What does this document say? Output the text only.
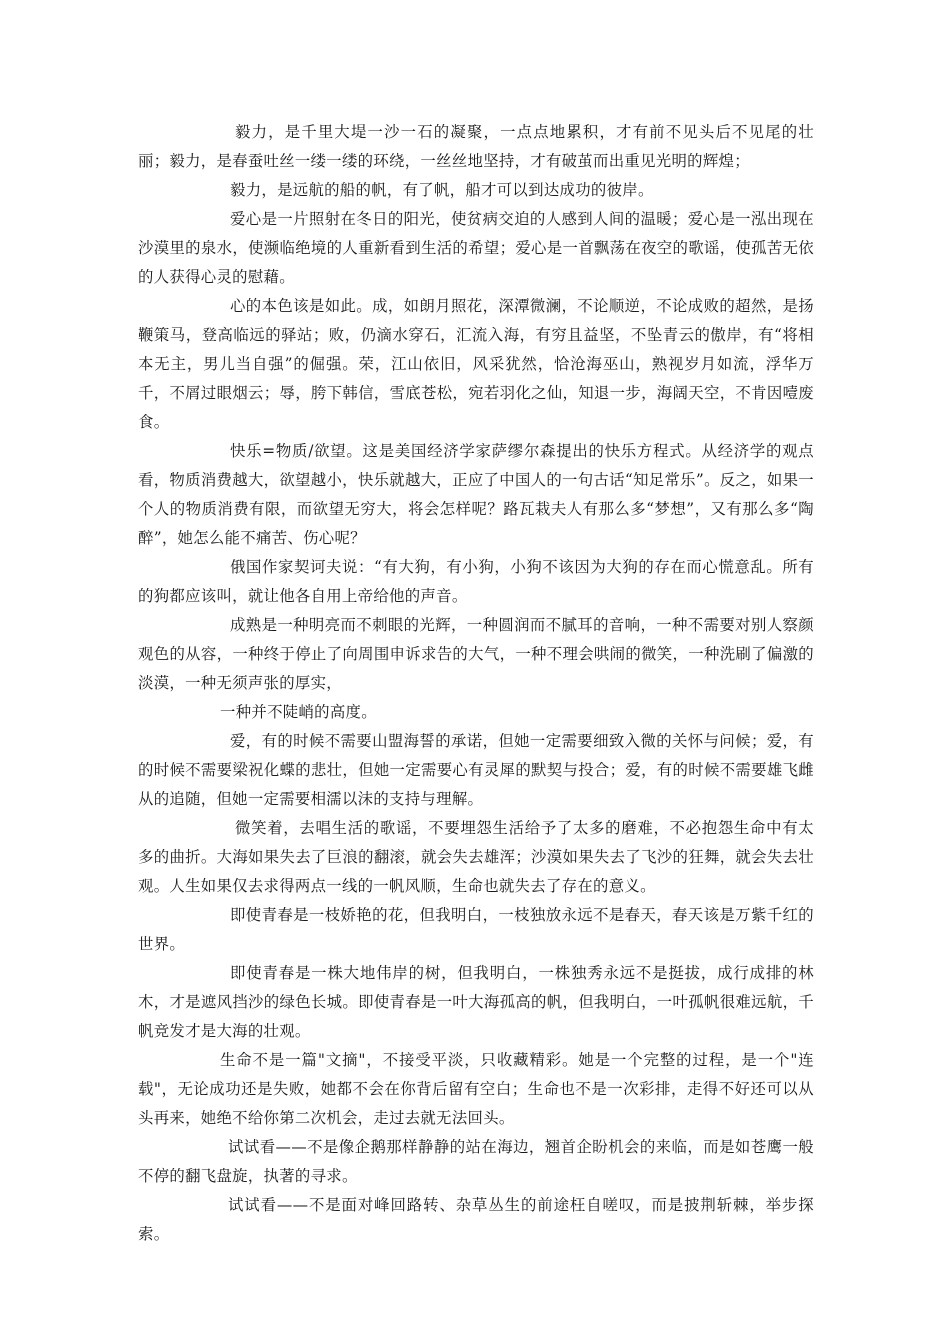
毅力，是千里大堤一沙一石的凝聚，一点点地累积，才有前不见头后不见尾的壮丽；毅力，是春蚕吐丝一缕一缕的环绕，一丝丝地坚持，才有破茧而出重见光明的辉煌；

毅力，是远航的船的帆，有了帆，船才可以到达成功的彼岸。

爱心是一片照射在冬日的阳光，使贫病交迫的人感到人间的温暖；爱心是一泓出现在沙漠里的泉水，使濒临绝境的人重新看到生活的希望；爱心是一首飘荡在夜空的歌谣，使孤苦无依的人获得心灵的慰藉。

心的本色该是如此。成，如朗月照花，深潭微澜，不论顺逆，不论成败的超然，是扬鞭策马，登高临远的驿站；败，仍滴水穿石，汇流入海，有穷且益坚，不坠青云的傲岸，有“将相本无主，男儿当自强”的倔强。荣，江山依旧，风采犹然，恰沧海巫山，熟视岁月如流，浮华万千，不屑过眼烟云；辱，胯下韩信，雪底苍松，宛若羽化之仙，知退一步，海阔天空，不肯因噎废食。

快乐=物质/欲望。这是美国经济学家萨缪尔森提出的快乐方程式。从经济学的观点看，物质消费越大，欲望越小，快乐就越大，正应了中国人的一句古话“知足常乐”。反之，如果一个人的物质消费有限，而欲望无穷大，将会怎样呢？路瓦栽夫人有那么多“梦想”，又有那么多“陶醉”，她怎么能不痛苦、伤心呢？

俄国作家契诃夫说：“有大狗，有小狗，小狗不该因为大狗的存在而心慌意乱。所有的狗都应该叫，就让他各自用上帝给他的声音。

成熟是一种明亮而不刺眼的光辉，一种圆润而不腻耳的音响，一种不需要对别人察颜观色的从容，一种终于停止了向周围申诉求告的大气，一种不理会哄闹的微笑，一种洗刷了偏激的淡漠，一种无须声张的厚实，

一种并不陡峭的高度。

爱，有的时候不需要山盟海誓的承诺，但她一定需要细致入微的关怀与问候；爱，有的时候不需要梁祝化蝶的悲壮，但她一定需要心有灵犀的默契与投合；爱，有的时候不需要雄飞雌从的追随，但她一定需要相濡以沫的支持与理解。

微笑着，去唱生活的歌谣，不要埋怨生活给予了太多的磨难，不必抱怨生命中有太多的曲折。大海如果失去了巨浪的翻滚，就会失去雄浑；沙漠如果失去了飞沙的狂舞，就会失去壮观。人生如果仅去求得两点一线的一帆风顺，生命也就失去了存在的意义。

即使青春是一枝娇艳的花，但我明白，一枝独放永远不是春天，春天该是万紫千红的世界。

即使青春是一株大地伟岸的树，但我明白，一株独秀永远不是挺拔，成行成排的林木，才是遮风挡沙的绿色长城。即使青春是一叶大海孤高的帆，但我明白，一叶孤帆很难远航，千帆竞发才是大海的壮观。

生命不是一篇"文摘"，不接受平淡，只收藏精彩。她是一个完整的过程，是一个"连载"，无论成功还是失败，她都不会在你背后留有空白；生命也不是一次彩排，走得不好还可以从头再来，她绝不给你第二次机会，走过去就无法回头。

试试看——不是像企鹅那样静静的站在海边，翘首企盼机会的来临，而是如苍鹰一般不停的翻飞盘旋，执著的寻求。

试试看——不是面对峰回路转、杂草丛生的前途枉自嗟叹，而是披荆斩棘，举步探索。
